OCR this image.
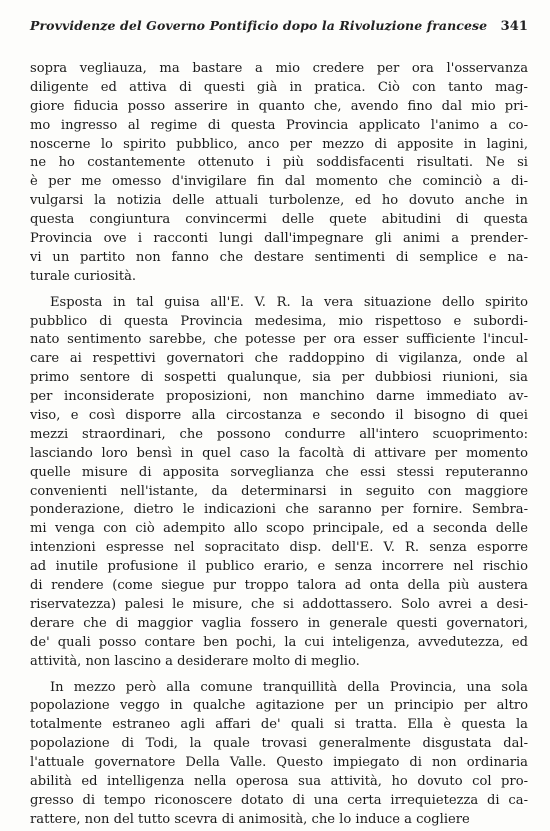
Provvidenze del Governo Pontificio dopo la Rivoluzione francese 341
sopra vegliauza, ma bastare a mio credere per ora l'osservanza
diligente ed attiva di questi già in pratica. Ciò con tanto mag-
giore fiducia posso asserire in quanto che, avendo fino dal mio pri-
mo ingresso al regime di questa Provincia applicato l'animo a co-
noscerne lo spirito pubblico, anco per mezzo di apposite in lagini,
ne ho costantemente ottenuto i più soddisfacenti risultati. Ne si
è per me omesso d'invigilare fin dal momento che cominciò a di-
vulgarsi la notizia delle attuali turbolenze, ed ho dovuto anche in
questa congiuntura convincermi delle quete abitudini di questa
Provincia ove i racconti lungi dall'impegnare gli animi a prender-
vi un partito non fanno che destare sentimenti di semplice e na-
turale curiosità.
Esposta in tal guisa all'E. V. R. la vera situazione dello spirito
pubblico di questa Provincia medesima, mio rispettoso e subordi-
nato sentimento sarebbe, che potesse per ora esser sufficiente l'incul-
care ai respettivi governatori che raddoppino di vigilanza, onde al
primo sentore di sospetti qualunque, sia per dubbiosi riunioni, sia
per inconsiderate proposizioni, non manchino darne immediato av-
viso, e così disporre alla circostanza e secondo il bisogno di quei
mezzi straordinari, che possono condurre all'intero scuoprimento:
lasciando loro bensì in quel caso la facoltà di attivare per momento
quelle misure di apposita sorveglianza che essi stessi reputeranno
convenienti nell'istante, da determinarsi in seguito con maggiore
ponderazione, dietro le indicazioni che saranno per fornire. Sembra-
mi venga con ciò adempito allo scopo principale, ed a seconda delle
intenzioni espresse nel sopracitato disp. dell'E. V. R. senza esporre
ad inutile profusione il publico erario, e senza incorrere nel rischio
di rendere (come siegue pur troppo talora ad onta della più austera
riservatezza) palesi le misure, che si addottassero. Solo avrei a desi-
derare che di maggior vaglia fossero in generale questi governatori,
de' quali posso contare ben pochi, la cui inteligenza, avvedutezza, ed
attività, non lascino a desiderare molto di meglio.
In mezzo però alla comune tranquillità della Provincia, una sola
popolazione veggo in qualche agitazione per un principio per altro
totalmente estraneo agli affari de' quali si tratta. Ella è questa la
popolazione di Todi, la quale trovasi generalmente disgustata dal-
l'attuale governatore Della Valle. Questo impiegato di non ordinaria
abilità ed intelligenza nella operosa sua attività, ho dovuto col pro-
gresso di tempo riconoscere dotato di una certa irrequietezza di ca-
rattere, non del tutto scevra di animosità, che lo induce a cogliere
